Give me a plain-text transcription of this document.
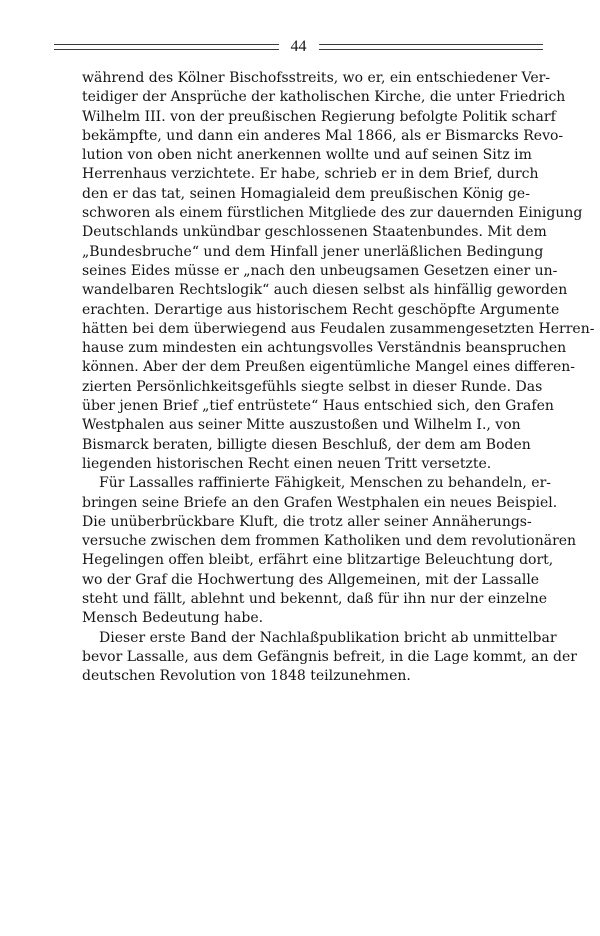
44
während des Kölner Bischofsstreits, wo er, ein entschiedener Ver-
teidiger der Ansprüche der katholischen Kirche, die unter Friedrich
Wilhelm III. von der preußischen Regierung befolgte Politik scharf
bekämpfte, und dann ein anderes Mal 1866, als er Bismarcks Revo-
lution von oben nicht anerkennen wollte und auf seinen Sitz im
Herrenhaus verzichtete. Er habe, schrieb er in dem Brief, durch
den er das tat, seinen Homagialeid dem preußischen König ge-
schworen als einem fürstlichen Mitgliede des zur dauernden Einigung
Deutschlands unkündbar geschlossenen Staatenbundes. Mit dem
„Bundesbruche“ und dem Hinfall jener unerläßlichen Bedingung
seines Eides müsse er „nach den unbeugsamen Gesetzen einer un-
wandelbaren Rechtslogik“ auch diesen selbst als hinfällig geworden
erachten. Derartige aus historischem Recht geschöpfte Argumente
hätten bei dem überwiegend aus Feudalen zusammengesetzten Herren-
hause zum mindesten ein achtungsvolles Verständnis beanspruchen
können. Aber der dem Preußen eigentümliche Mangel eines differen-
zierten Persönlichkeitsgefühls siegte selbst in dieser Runde. Das
über jenen Brief „tief entrüstete“ Haus entschied sich, den Grafen
Westphalen aus seiner Mitte auszustoßen und Wilhelm I., von
Bismarck beraten, billigte diesen Beschluß, der dem am Boden
liegenden historischen Recht einen neuen Tritt versetzte.
Für Lassalles raffinierte Fähigkeit, Menschen zu behandeln, er-
bringen seine Briefe an den Grafen Westphalen ein neues Beispiel.
Die unüberbrückbare Kluft, die trotz aller seiner Annäherungs-
versuche zwischen dem frommen Katholiken und dem revolutionären
Hegelingen offen bleibt, erfährt eine blitzartige Beleuchtung dort,
wo der Graf die Hochwertung des Allgemeinen, mit der Lassalle
steht und fällt, ablehnt und bekennt, daß für ihn nur der einzelne
Mensch Bedeutung habe.
Dieser erste Band der Nachlaßpublikation bricht ab unmittelbar
bevor Lassalle, aus dem Gefängnis befreit, in die Lage kommt, an der
deutschen Revolution von 1848 teilzunehmen.
